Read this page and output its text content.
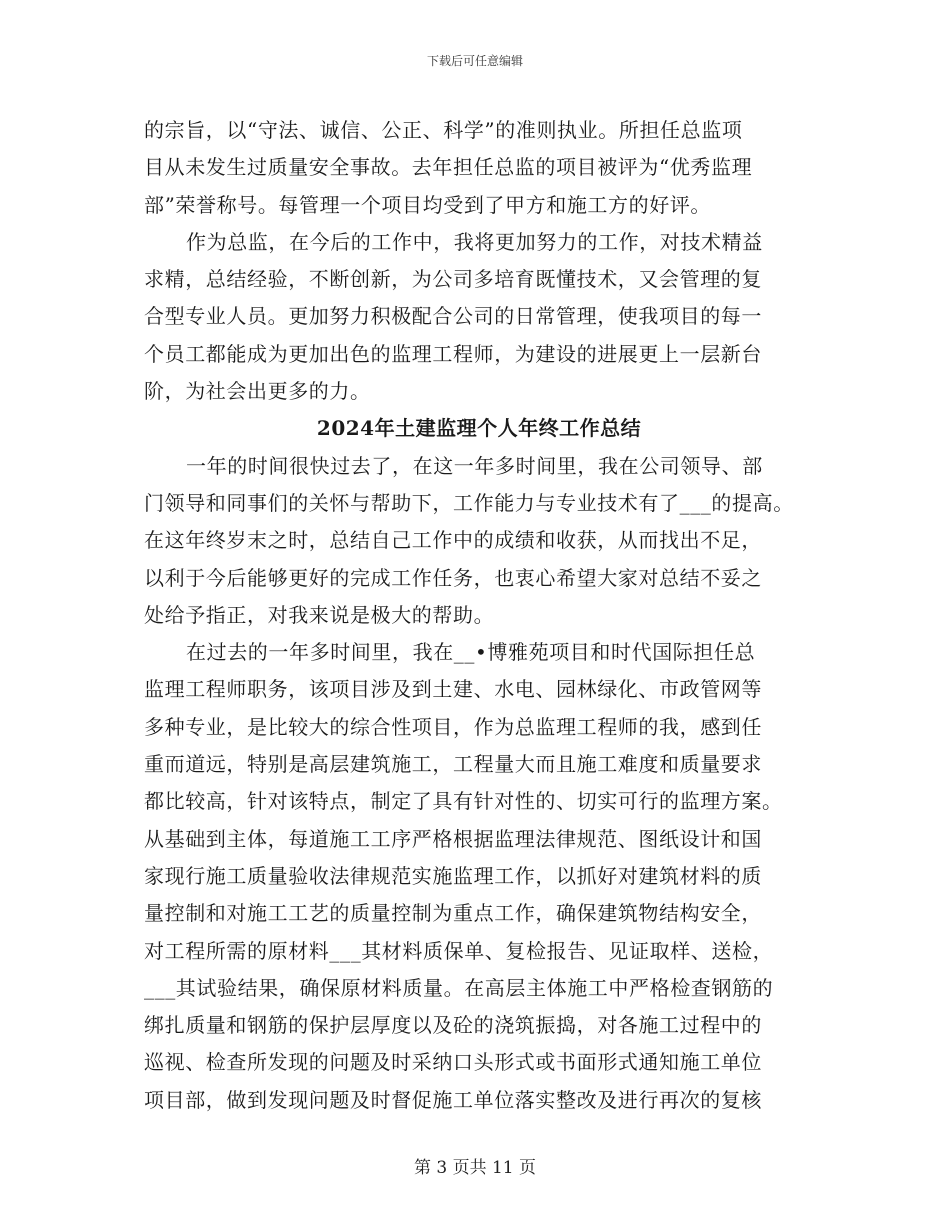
下载后可任意编辑
的宗旨，以“守法、诚信、公正、科学”的准则执业。所担任总监项
目从未发生过质量安全事故。去年担任总监的项目被评为“优秀监理
部”荣誉称号。每管理一个项目均受到了甲方和施工方的好评。
作为总监，在今后的工作中，我将更加努力的工作，对技术精益
求精，总结经验，不断创新，为公司多培育既懂技术，又会管理的复
合型专业人员。更加努力积极配合公司的日常管理，使我项目的每一
个员工都能成为更加出色的监理工程师，为建设的进展更上一层新台
阶，为社会出更多的力。
2024年土建监理个人年终工作总结
一年的时间很快过去了，在这一年多时间里，我在公司领导、部
门领导和同事们的关怀与帮助下，工作能力与专业技术有了___的提高。
在这年终岁末之时，总结自己工作中的成绩和收获，从而找出不足，
以利于今后能够更好的完成工作任务，也衷心希望大家对总结不妥之
处给予指正，对我来说是极大的帮助。
在过去的一年多时间里，我在__•博雅苑项目和时代国际担任总
监理工程师职务，该项目涉及到土建、水电、园林绿化、市政管网等
多种专业，是比较大的综合性项目，作为总监理工程师的我，感到任
重而道远，特别是高层建筑施工，工程量大而且施工难度和质量要求
都比较高，针对该特点，制定了具有针对性的、切实可行的监理方案。
从基础到主体，每道施工工序严格根据监理法律规范、图纸设计和国
家现行施工质量验收法律规范实施监理工作，以抓好对建筑材料的质
量控制和对施工工艺的质量控制为重点工作，确保建筑物结构安全，
对工程所需的原材料___其材料质保单、复检报告、见证取样、送检，
___其试验结果，确保原材料质量。在高层主体施工中严格检查钢筋的
绑扎质量和钢筋的保护层厚度以及砼的浇筑振捣，对各施工过程中的
巡视、检查所发现的问题及时采纳口头形式或书面形式通知施工单位
项目部，做到发现问题及时督促施工单位落实整改及进行再次的复核
第 3 页共 11 页
